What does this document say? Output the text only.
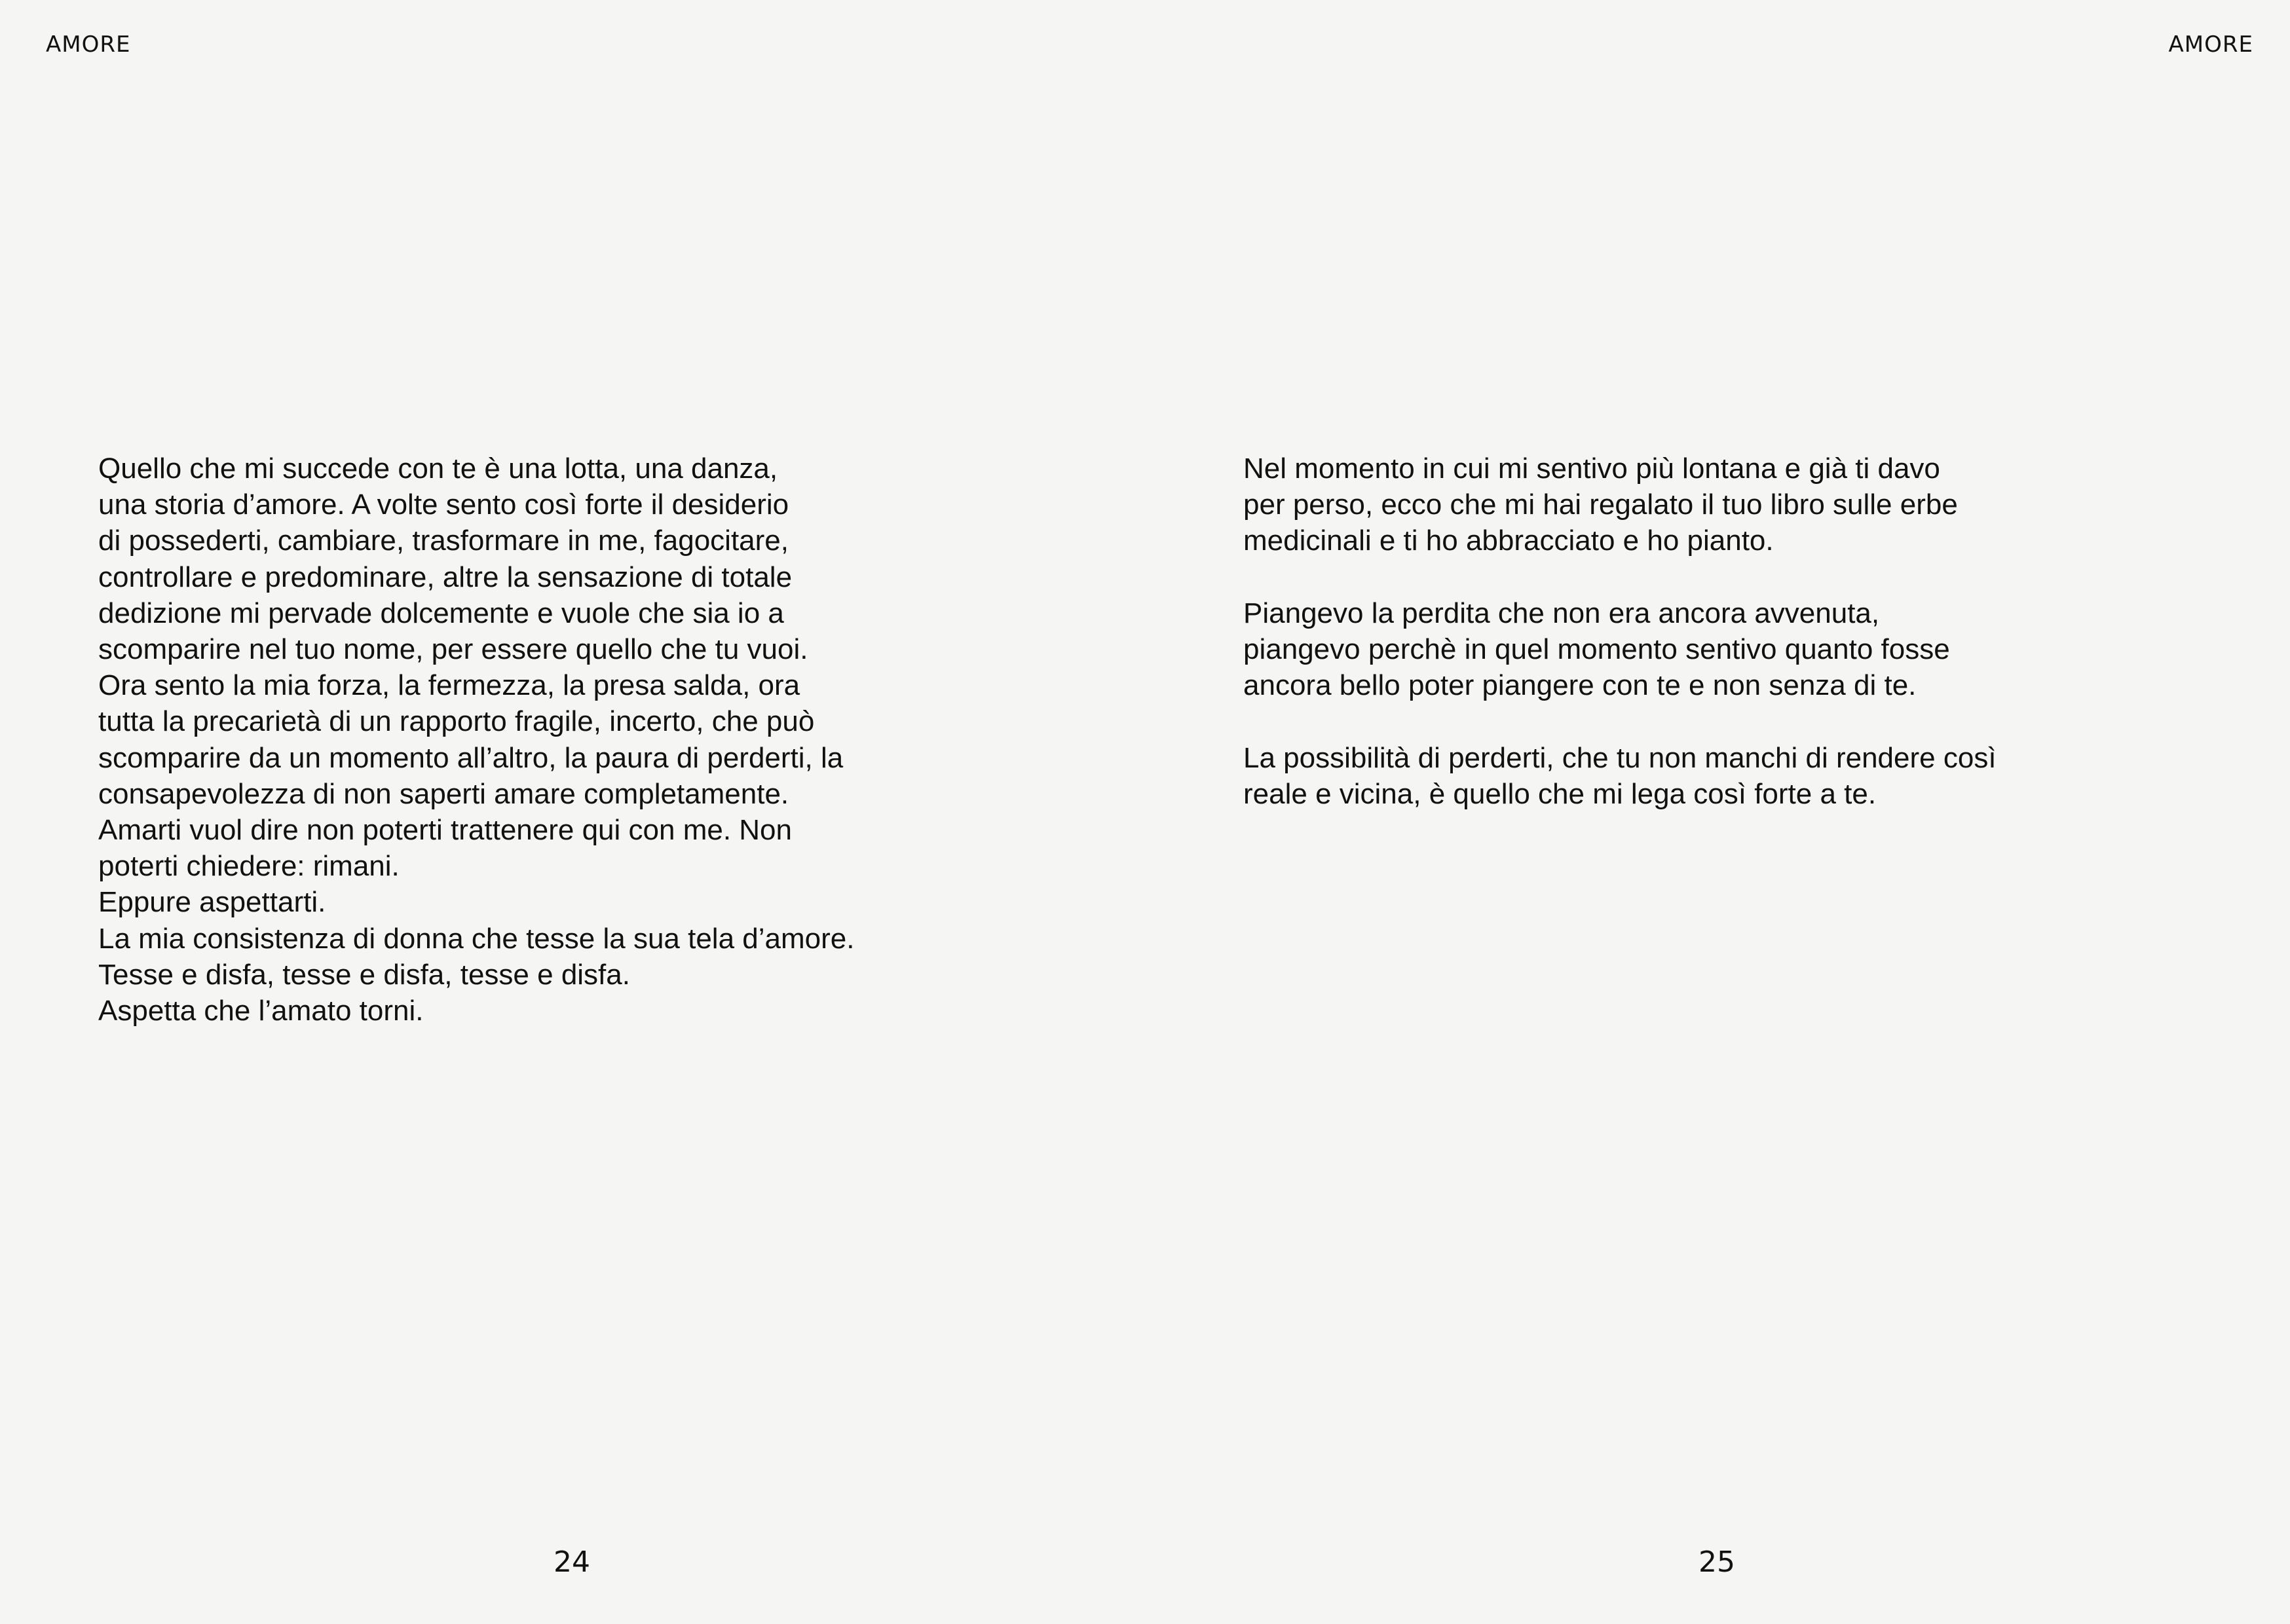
AMORE
Quello che mi succede con te è una lotta, una danza,
una storia d’amore. A volte sento così forte il desiderio
di possederti, cambiare, trasformare in me, fagocitare,
controllare e predominare, altre la sensazione di totale
dedizione mi pervade dolcemente e vuole che sia io a
scomparire nel tuo nome, per essere quello che tu vuoi.
Ora sento la mia forza, la fermezza, la presa salda, ora
tutta la precarietà di un rapporto fragile, incerto, che può
scomparire da un momento all’altro, la paura di perderti, la
consapevolezza di non saperti amare completamente.
Amarti vuol dire non poterti trattenere qui con me. Non
poterti chiedere: rimani.
Eppure aspettarti.
La mia consistenza di donna che tesse la sua tela d’amore.
Tesse e disfa, tesse e disfa, tesse e disfa.
Aspetta che l’amato torni.
24
AMORE
Nel momento in cui mi sentivo più lontana e già ti davo
per perso, ecco che mi hai regalato il tuo libro sulle erbe
medicinali e ti ho abbracciato e ho pianto.
Piangevo la perdita che non era ancora avvenuta,
piangevo perchè in quel momento sentivo quanto fosse
ancora bello poter piangere con te e non senza di te.
La possibilità di perderti, che tu non manchi di rendere così
reale e vicina, è quello che mi lega così forte a te.
25
